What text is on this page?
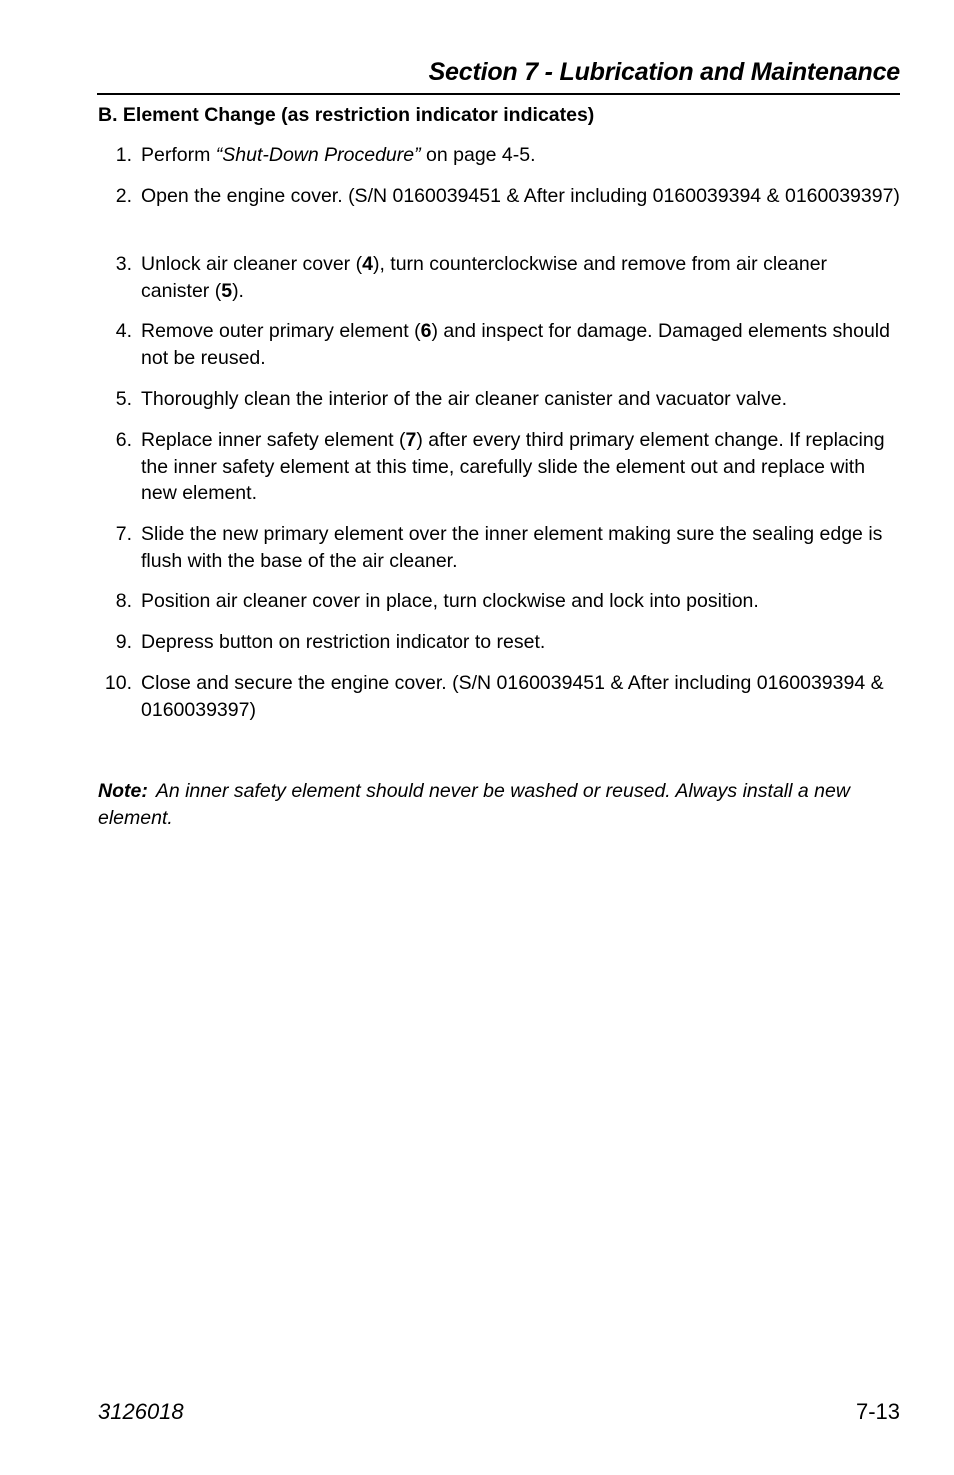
Section 7 - Lubrication and Maintenance
B. Element Change (as restriction indicator indicates)
1. Perform “Shut-Down Procedure” on page 4-5.
2. Open the engine cover. (S/N 0160039451 & After including 0160039394 & 0160039397)
3. Unlock air cleaner cover (4), turn counterclockwise and remove from air cleaner canister (5).
4. Remove outer primary element (6) and inspect for damage. Damaged elements should not be reused.
5. Thoroughly clean the interior of the air cleaner canister and vacuator valve.
6. Replace inner safety element (7) after every third primary element change. If replacing the inner safety element at this time, carefully slide the element out and replace with new element.
7. Slide the new primary element over the inner element making sure the sealing edge is flush with the base of the air cleaner.
8. Position air cleaner cover in place, turn clockwise and lock into position.
9. Depress button on restriction indicator to reset.
10. Close and secure the engine cover. (S/N 0160039451 & After including 0160039394 & 0160039397)
Note: An inner safety element should never be washed or reused. Always install a new element.
3126018	7-13
